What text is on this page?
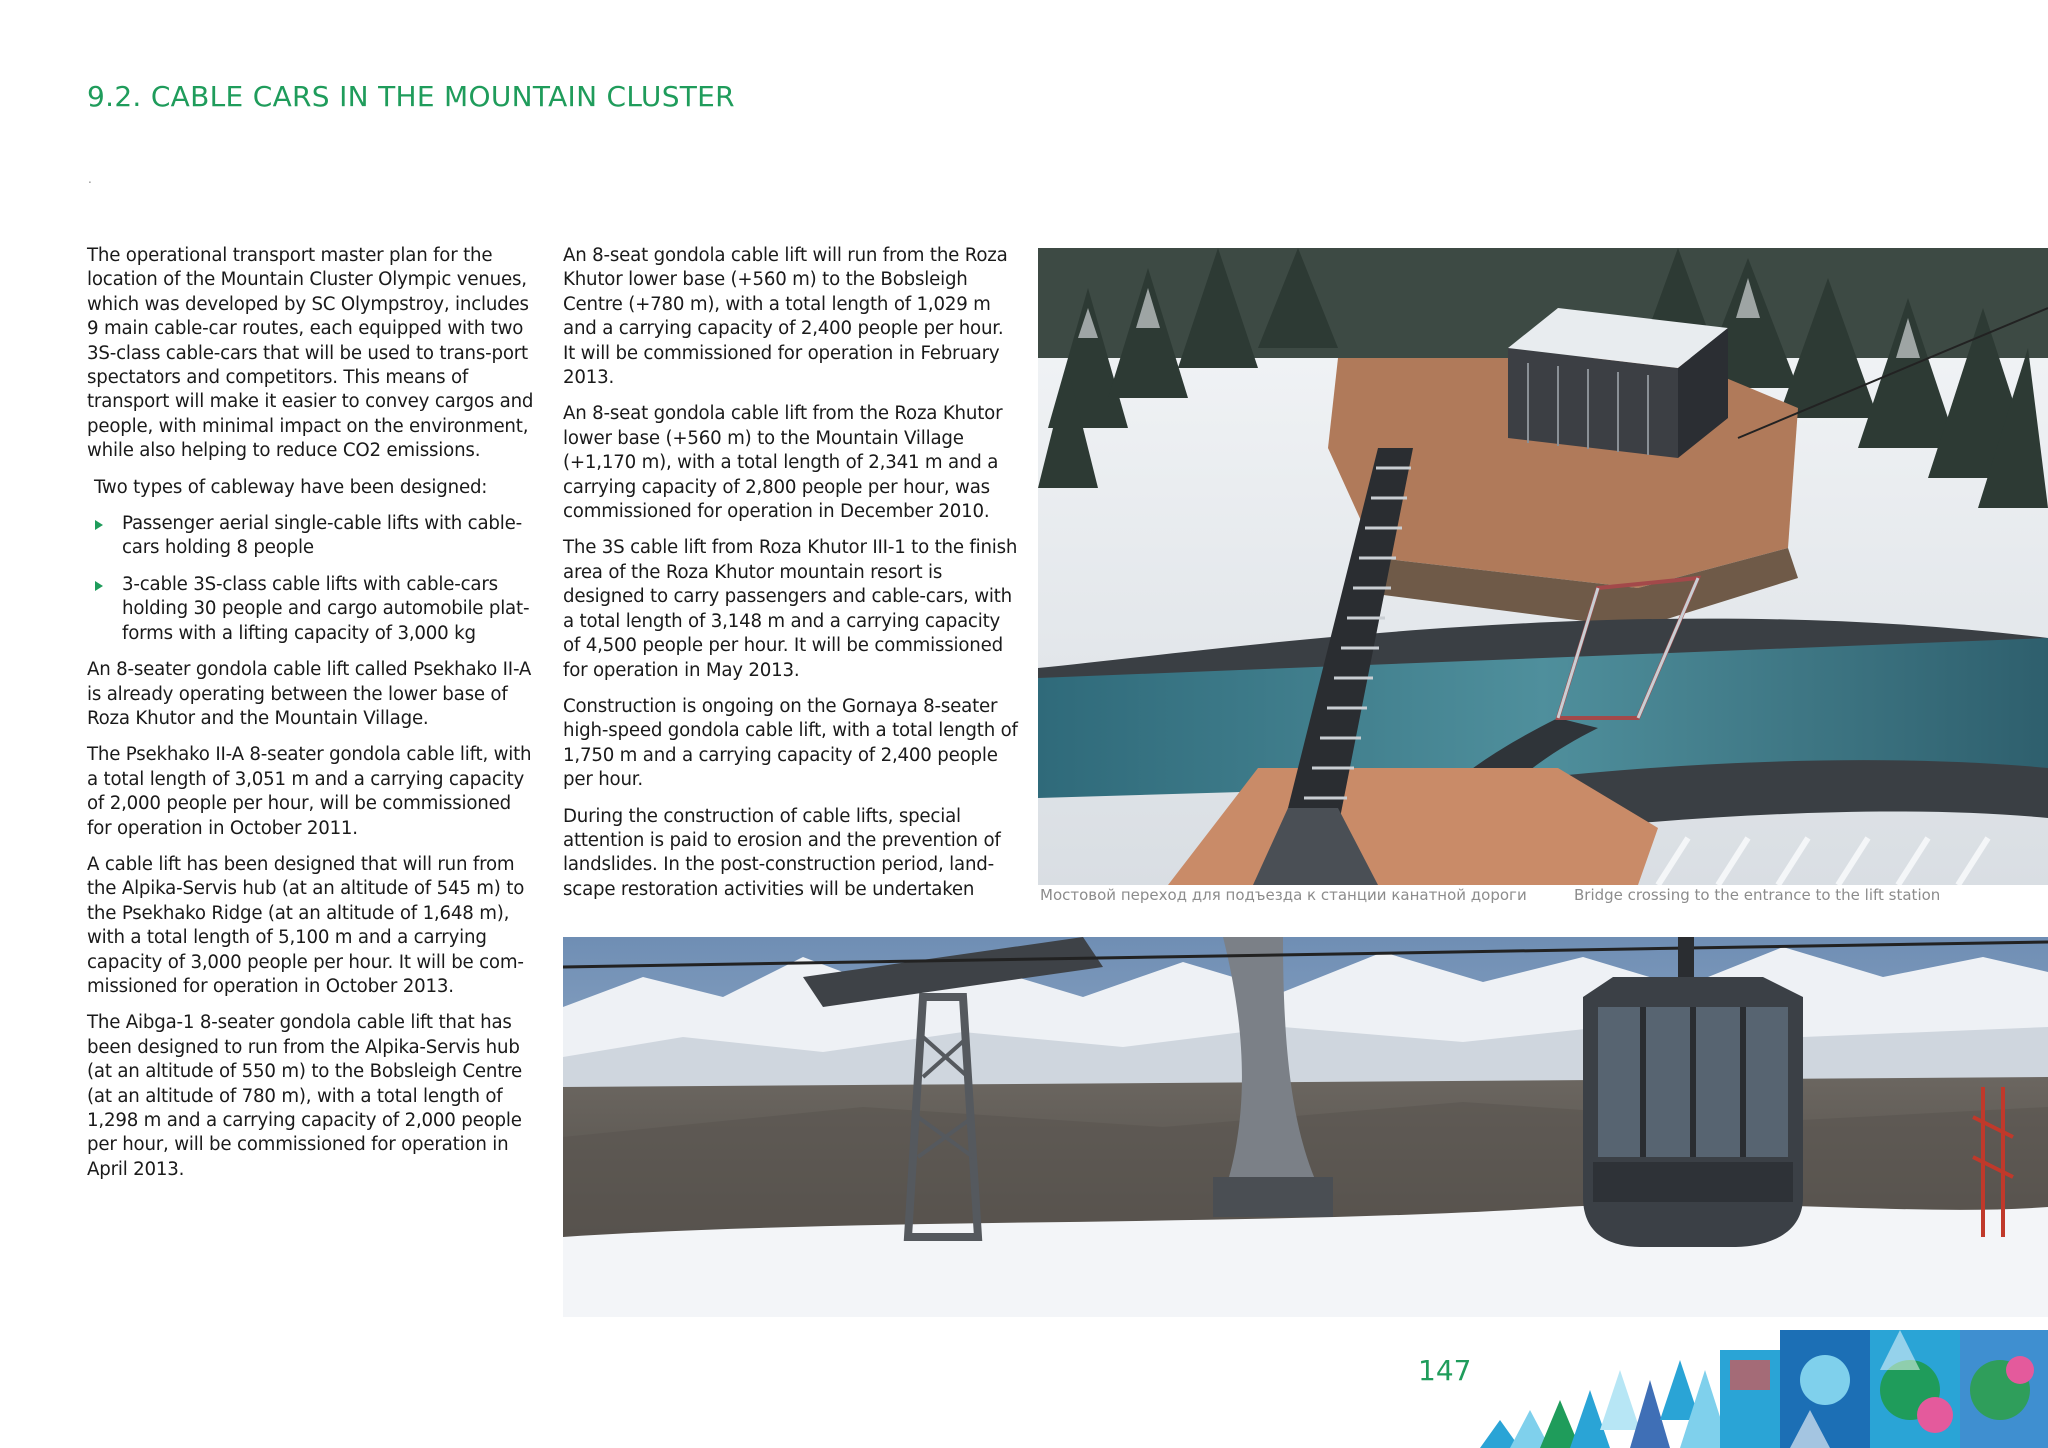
9.2. CABLE CARS IN THE MOUNTAIN CLUSTER
.

The operational transport master plan for the location of the Mountain Cluster Olympic venues, which was developed by SC Olympstroy, includes 9 main cable-car routes, each equipped with two 3S-class cable-cars that will be used to trans-port spectators and competitors. This means of transport will make it easier to convey cargos and people, with minimal impact on the environment, while also helping to reduce CO2 emissions.

Two types of cableway have been designed:

Passenger aerial single-cable lifts with cable-cars holding 8 people
3-cable 3S-class cable lifts with cable-cars holding 30 people and cargo automobile plat-forms with a lifting capacity of 3,000 kg

An 8-seater gondola cable lift called Psekhako II-A is already operating between the lower base of Roza Khutor and the Mountain Village.

The Psekhako II-A 8-seater gondola cable lift, with a total length of 3,051 m and a carrying capacity of 2,000 people per hour, will be commissioned for operation in October 2011.

A cable lift has been designed that will run from the Alpika-Servis hub (at an altitude of 545 m) to the Psekhako Ridge (at an altitude of 1,648 m), with a total length of 5,100 m and a carrying capacity of 3,000 people per hour. It will be com-missioned for operation in October 2013.

The Aibga-1 8-seater gondola cable lift that has been designed to run from the Alpika-Servis hub (at an altitude of 550 m) to the Bobsleigh Centre (at an altitude of 780 m), with a total length of 1,298 m and a carrying capacity of 2,000 people per hour, will be commissioned for operation in April 2013.

An 8-seat gondola cable lift will run from the Roza Khutor lower base (+560 m) to the Bobsleigh Centre (+780 m), with a total length of 1,029 m and a carrying capacity of 2,400 people per hour. It will be commissioned for operation in February 2013.

An 8-seat gondola cable lift from the Roza Khutor lower base (+560 m) to the Mountain Village (+1,170 m), with a total length of 2,341 m and a carrying capacity of 2,800 people per hour, was commissioned for operation in December 2010.

The 3S cable lift from Roza Khutor III-1 to the finish area of the Roza Khutor mountain resort is designed to carry passengers and cable-cars, with a total length of 3,148 m and a carrying capacity of 4,500 people per hour. It will be commissioned for operation in May 2013.

Construction is ongoing on the Gornaya 8-seater high-speed gondola cable lift, with a total length of 1,750 m and a carrying capacity of 2,400 people per hour.

During the construction of cable lifts, special attention is paid to erosion and the prevention of landslides. In the post-construction period, land-scape restoration activities will be undertaken	Мостовой переход для подъезда к станции канатной дороги	Bridge crossing to the entrance to the lift station
147
